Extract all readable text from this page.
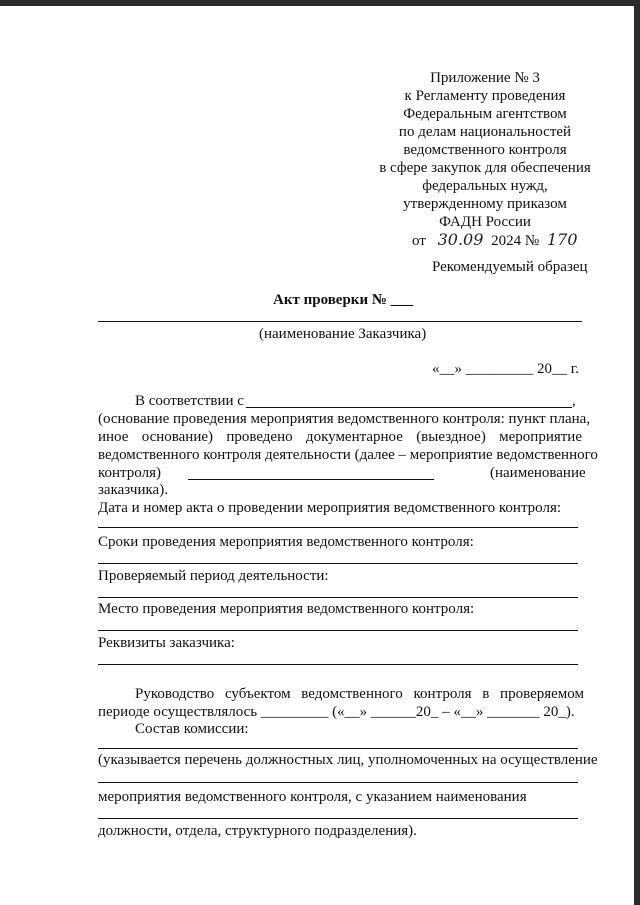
Приложение № 3
к Регламенту проведения
Федеральным агентством
по делам национальностей
ведомственного контроля
в сфере закупок для обеспечения
федеральных нужд,
утвержденному приказом
ФАДН России
от 30.09 2024 № 170
Рекомендуемый образец
Акт проверки № ___
(наименование Заказчика)
«__» _________ 20__ г.
В соответствии с	,
(основание проведения мероприятия ведомственного контроля: пункт плана,
иное основание) проведено документарное (выездное) мероприятие
ведомственного контроля деятельности (далее – мероприятие ведомственного
контроля)	(наименование
заказчика).
Дата и номер акта о проведении мероприятия ведомственного контроля:
Сроки проведения мероприятия ведомственного контроля:
Проверяемый период деятельности:
Место проведения мероприятия ведомственного контроля:
Реквизиты заказчика:
Руководство субъектом ведомственного контроля в проверяемом
периоде осуществлялось _________ («__» ______20_ – «__» _______ 20_).
Состав комиссии:
(указывается перечень должностных лиц, уполномоченных на осуществление
мероприятия ведомственного контроля, с указанием наименования
должности, отдела, структурного подразделения).
